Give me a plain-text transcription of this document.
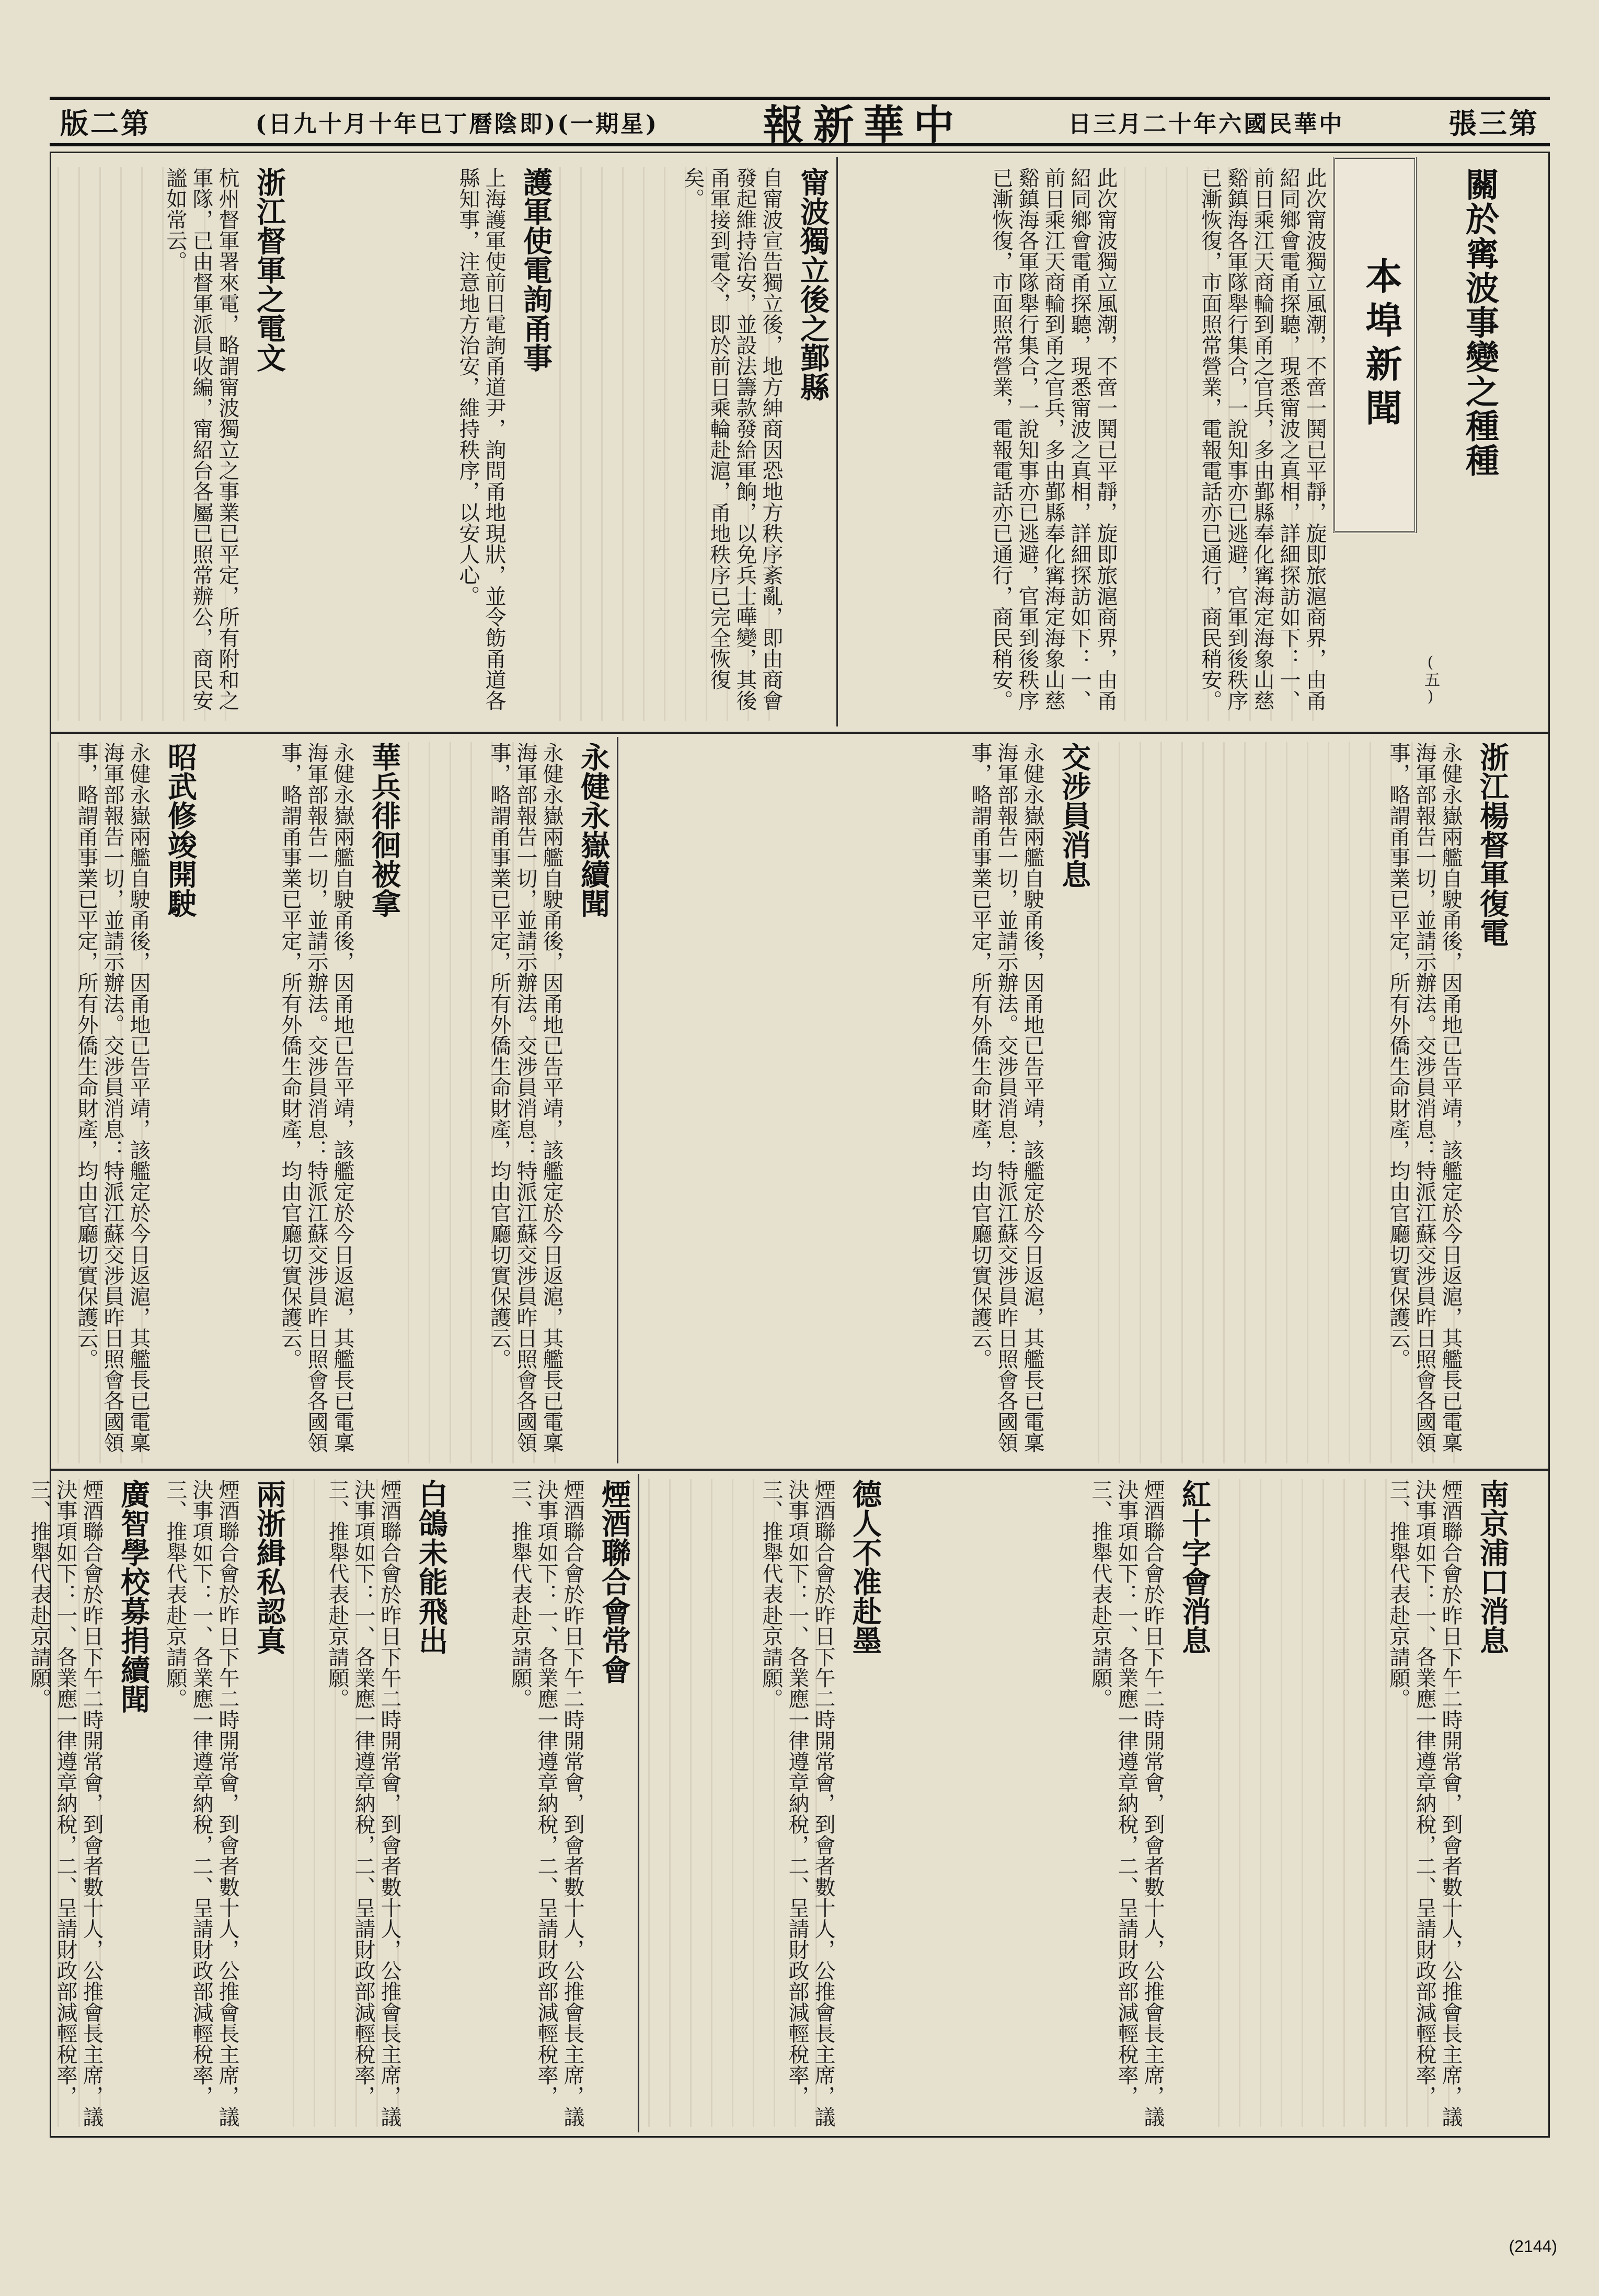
版二第	(日九十月十年巳丁曆陰即)(一期星)	報新華中	日三月二十年六國民華中	張三第
本埠新聞	關於寗波事變之種種
(五)
此次甯波獨立風潮，不啻一鬨已平靜，旋即旅滬商界，由甬紹同鄉會電甬探聽，現悉甯波之真相，詳細探訪如下：一、前日乘江天商輪到甬之官兵，多由鄞縣奉化寗海定海象山慈谿鎮海各軍隊舉行集合，一說知事亦已逃避，官軍到後秩序已漸恢復，市面照常營業，電報電話亦已通行，商民稍安。
此次甯波獨立風潮，不啻一鬨已平靜，旋即旅滬商界，由甬紹同鄉會電甬探聽，現悉甯波之真相，詳細探訪如下：一、前日乘江天商輪到甬之官兵，多由鄞縣奉化寗海定海象山慈谿鎮海各軍隊舉行集合，一說知事亦已逃避，官軍到後秩序已漸恢復，市面照常營業，電報電話亦已通行，商民稍安。
甯波獨立後之鄞縣
自甯波宣告獨立後，地方紳商因恐地方秩序紊亂，即由商會發起維持治安，並設法籌款發給軍餉，以免兵士嘩變，其後甬軍接到電令，即於前日乘輪赴滬，甬地秩序已完全恢復矣。
護軍使電詢甬事
上海護軍使前日電詢甬道尹，詢問甬地現狀，並令飭甬道各縣知事，注意地方治安，維持秩序，以安人心。
浙江督軍之電文
杭州督軍署來電，略謂甯波獨立之事業已平定，所有附和之軍隊，已由督軍派員收編，甯紹台各屬已照常辦公，商民安謐如常云。
浙江楊督軍復電
永健永嶽兩艦自駛甬後，因甬地已告平靖，該艦定於今日返滬，其艦長已電稟海軍部報告一切，並請示辦法。交涉員消息：特派江蘇交涉員昨日照會各國領事，略謂甬事業已平定，所有外僑生命財產，均由官廳切實保護云。
交涉員消息
永健永嶽兩艦自駛甬後，因甬地已告平靖，該艦定於今日返滬，其艦長已電稟海軍部報告一切，並請示辦法。交涉員消息：特派江蘇交涉員昨日照會各國領事，略謂甬事業已平定，所有外僑生命財產，均由官廳切實保護云。
永健永嶽續聞
永健永嶽兩艦自駛甬後，因甬地已告平靖，該艦定於今日返滬，其艦長已電稟海軍部報告一切，並請示辦法。交涉員消息：特派江蘇交涉員昨日照會各國領事，略謂甬事業已平定，所有外僑生命財產，均由官廳切實保護云。
華兵徘徊被拿
永健永嶽兩艦自駛甬後，因甬地已告平靖，該艦定於今日返滬，其艦長已電稟海軍部報告一切，並請示辦法。交涉員消息：特派江蘇交涉員昨日照會各國領事，略謂甬事業已平定，所有外僑生命財產，均由官廳切實保護云。
昭武修竣開駛
永健永嶽兩艦自駛甬後，因甬地已告平靖，該艦定於今日返滬，其艦長已電稟海軍部報告一切，並請示辦法。交涉員消息：特派江蘇交涉員昨日照會各國領事，略謂甬事業已平定，所有外僑生命財產，均由官廳切實保護云。
南京浦口消息
煙酒聯合會於昨日下午二時開常會，到會者數十人，公推會長主席，議決事項如下：一、各業應一律遵章納稅，二、呈請財政部減輕稅率，三、推舉代表赴京請願。
紅十字會消息
煙酒聯合會於昨日下午二時開常會，到會者數十人，公推會長主席，議決事項如下：一、各業應一律遵章納稅，二、呈請財政部減輕稅率，三、推舉代表赴京請願。
德人不准赴墨
煙酒聯合會於昨日下午二時開常會，到會者數十人，公推會長主席，議決事項如下：一、各業應一律遵章納稅，二、呈請財政部減輕稅率，三、推舉代表赴京請願。
煙酒聯合會常會
煙酒聯合會於昨日下午二時開常會，到會者數十人，公推會長主席，議決事項如下：一、各業應一律遵章納稅，二、呈請財政部減輕稅率，三、推舉代表赴京請願。
白鴿未能飛出
煙酒聯合會於昨日下午二時開常會，到會者數十人，公推會長主席，議決事項如下：一、各業應一律遵章納稅，二、呈請財政部減輕稅率，三、推舉代表赴京請願。
兩浙緝私認真
煙酒聯合會於昨日下午二時開常會，到會者數十人，公推會長主席，議決事項如下：一、各業應一律遵章納稅，二、呈請財政部減輕稅率，三、推舉代表赴京請願。
廣智學校募捐續聞
煙酒聯合會於昨日下午二時開常會，到會者數十人，公推會長主席，議決事項如下：一、各業應一律遵章納稅，二、呈請財政部減輕稅率，三、推舉代表赴京請願。
(2144)
